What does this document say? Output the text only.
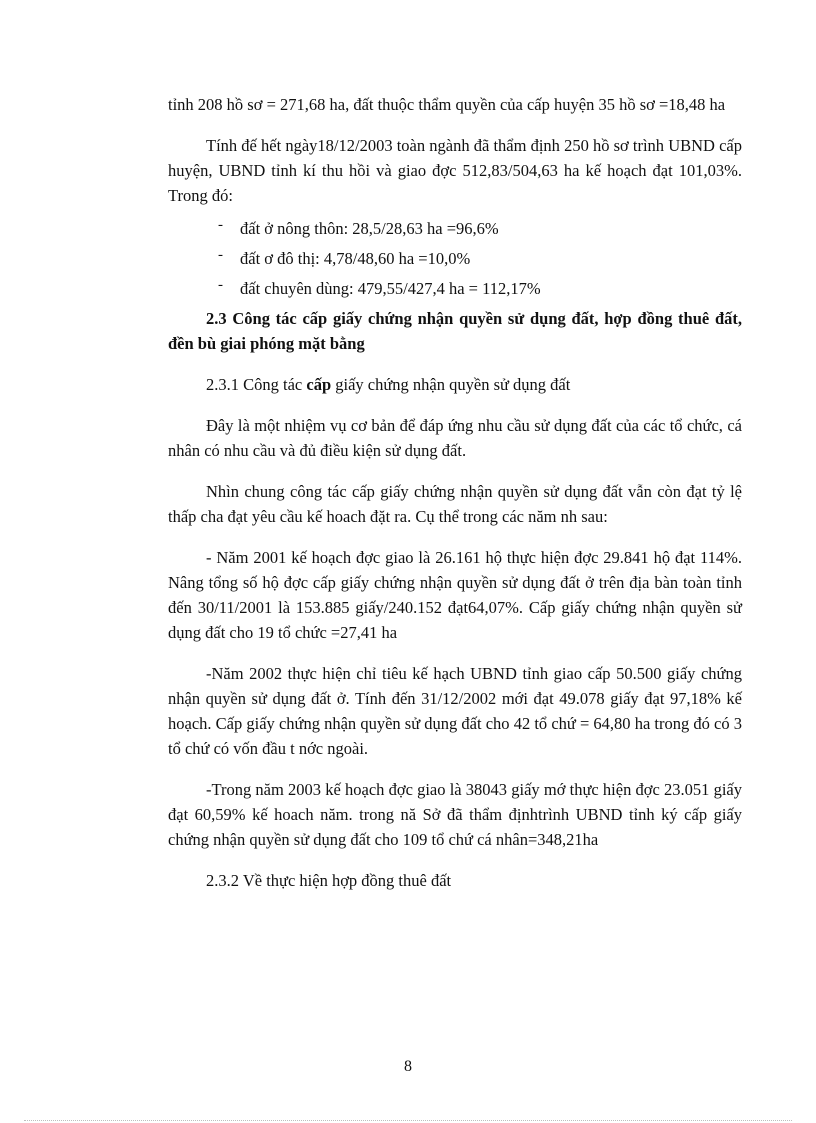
tỉnh 208 hồ sơ = 271,68 ha, đất thuộc thẩm quyền của cấp huyện 35 hồ sơ =18,48 ha

Tính đế hết ngày18/12/2003 toàn ngành đã thẩm định 250 hồ sơ trình UBND cấp huyện, UBND tỉnh kí thu hồi và giao đợc 512,83/504,63 ha kế hoạch đạt 101,03%. Trong đó:

- đất ở nông thôn: 28,5/28,63 ha =96,6%
- đất ơ đô thị: 4,78/48,60 ha =10,0%
- đất chuyên dùng: 479,55/427,4 ha = 112,17%

2.3 Công tác cấp giấy chứng nhận quyền sử dụng đất, hợp đồng thuê đất, đền bù giai phóng mặt bằng

2.3.1 Công tác cấp giấy chứng nhận quyền sử dụng đất

Đây là một nhiệm vụ cơ bản để đáp ứng nhu cầu sử dụng đất của các tổ chức, cá nhân có nhu cầu và đủ điều kiện sử dụng đất.

Nhìn chung công tác cấp giấy chứng nhận quyền sử dụng đất vẫn còn đạt tỷ lệ thấp cha đạt yêu cầu kế hoach đặt ra. Cụ thể trong các năm nh sau:

- Năm 2001 kế hoạch đợc giao là 26.161 hộ thực hiện đợc 29.841 hộ đạt 114%. Nâng tổng số hộ đợc cấp giấy chứng nhận quyền sử dụng đất ở trên địa bàn toàn tỉnh đến 30/11/2001 là 153.885 giấy/240.152 đạt64,07%. Cấp giấy chứng nhận quyền sử dụng đất cho 19 tổ chức =27,41 ha

-Năm 2002 thực hiện chỉ tiêu kế hạch UBND tỉnh giao cấp 50.500 giấy chứng nhận quyền sử dụng đất ở. Tính đến 31/12/2002 mới đạt 49.078 giấy đạt 97,18% kế hoạch. Cấp giấy chứng nhận quyền sử dụng đất cho 42 tổ chứ = 64,80 ha trong đó có 3 tổ chứ có vốn đầu t nớc ngoài.

-Trong năm 2003 kế hoạch đợc giao là 38043 giấy mớ thực hiện đợc 23.051 giấy đạt 60,59% kế hoach năm. trong nă Sở đã thẩm địnhtrình UBND tỉnh ký cấp giấy chứng nhận quyền sử dụng đất cho 109 tổ chứ cá nhân=348,21ha

2.3.2 Về thực hiện hợp đồng thuê đất

8
